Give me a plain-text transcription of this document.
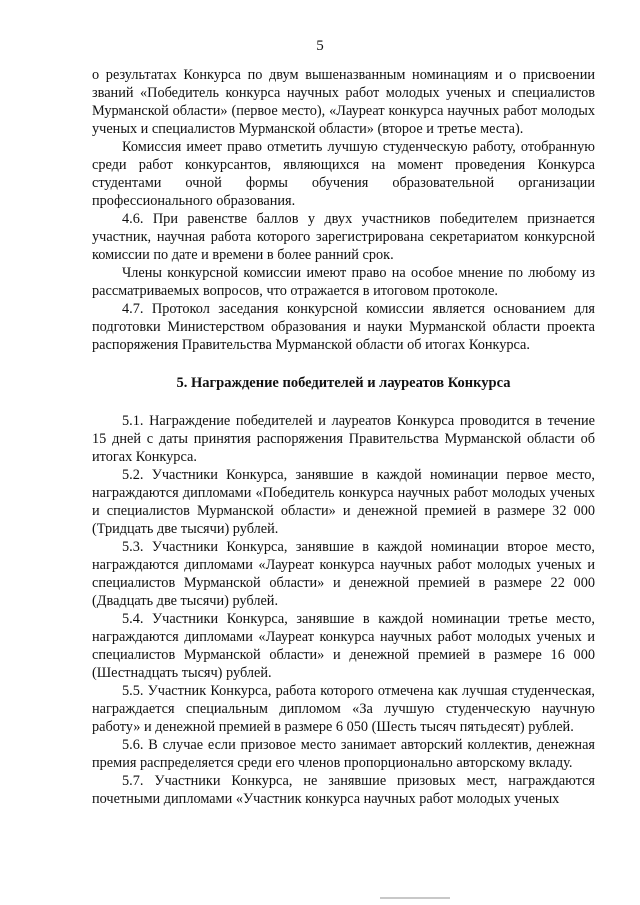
5

о результатах Конкурса по двум вышеназванным номинациям и о присвоении званий «Победитель конкурса научных работ молодых ученых и специалистов Мурманской области» (первое место), «Лауреат конкурса научных работ молодых ученых и специалистов Мурманской области» (второе и третье места).

Комиссия имеет право отметить лучшую студенческую работу, отобранную среди работ конкурсантов, являющихся на момент проведения Конкурса студентами очной формы обучения образовательной организации профессионального образования.

4.6. При равенстве баллов у двух участников победителем признается участник, научная работа которого зарегистрирована секретариатом конкурсной комиссии по дате и времени в более ранний срок.

Члены конкурсной комиссии имеют право на особое мнение по любому из рассматриваемых вопросов, что отражается в итоговом протоколе.

4.7. Протокол заседания конкурсной комиссии является основанием для подготовки Министерством образования и науки Мурманской области проекта распоряжения Правительства Мурманской области об итогах Конкурса.

5. Награждение победителей и лауреатов Конкурса

5.1. Награждение победителей и лауреатов Конкурса проводится в течение 15 дней с даты принятия распоряжения Правительства Мурманской области об итогах Конкурса.

5.2. Участники Конкурса, занявшие в каждой номинации первое место, награждаются дипломами «Победитель конкурса научных работ молодых ученых и специалистов Мурманской области» и денежной премией в размере 32 000 (Тридцать две тысячи) рублей.

5.3. Участники Конкурса, занявшие в каждой номинации второе место, награждаются дипломами «Лауреат конкурса научных работ молодых ученых и специалистов Мурманской области» и денежной премией в размере 22 000 (Двадцать две тысячи) рублей.

5.4. Участники Конкурса, занявшие в каждой номинации третье место, награждаются дипломами «Лауреат конкурса научных работ молодых ученых и специалистов Мурманской области» и денежной премией в размере 16 000 (Шестнадцать тысяч) рублей.

5.5. Участник Конкурса, работа которого отмечена как лучшая студенческая, награждается специальным дипломом «За лучшую студенческую научную работу» и денежной премией в размере 6 050 (Шесть тысяч пятьдесят) рублей.

5.6. В случае если призовое место занимает авторский коллектив, денежная премия распределяется среди его членов пропорционально авторскому вкладу.

5.7. Участники Конкурса, не занявшие призовых мест, награждаются почетными дипломами «Участник конкурса научных работ молодых ученых
